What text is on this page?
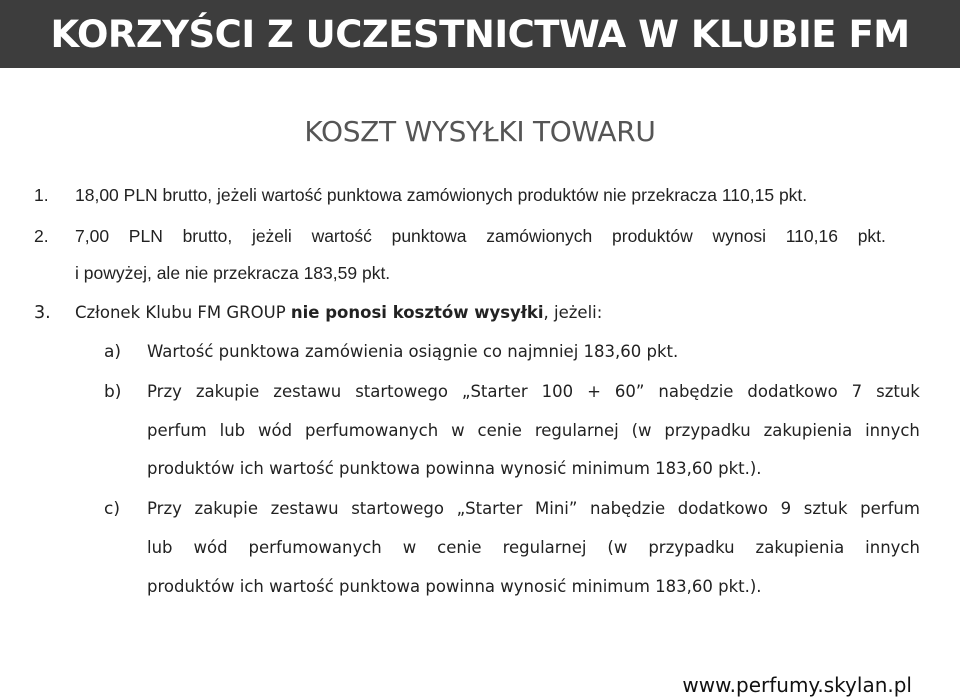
KORZYŚCI Z UCZESTNICTWA W KLUBIE FM
KOSZT WYSYŁKI TOWARU
1. 18,00 PLN brutto, jeżeli wartość punktowa zamówionych produktów nie przekracza 110,15 pkt.
2. 7,00 PLN brutto, jeżeli wartość punktowa zamówionych produktów wynosi 110,16 pkt.
i powyżej, ale nie przekracza 183,59 pkt.
3. Członek Klubu FM GROUP nie ponosi kosztów wysyłki, jeżeli:
a) Wartość punktowa zamówienia osiągnie co najmniej 183,60 pkt.
b) Przy zakupie zestawu startowego „Starter 100 + 60” nabędzie dodatkowo 7 sztuk
perfum lub wód perfumowanych w cenie regularnej (w przypadku zakupienia innych
produktów ich wartość punktowa powinna wynosić minimum 183,60 pkt.).
c) Przy zakupie zestawu startowego „Starter Mini” nabędzie dodatkowo 9 sztuk perfum
lub wód perfumowanych w cenie regularnej (w przypadku zakupienia innych
produktów ich wartość punktowa powinna wynosić minimum 183,60 pkt.).
www.perfumy.skylan.pl
